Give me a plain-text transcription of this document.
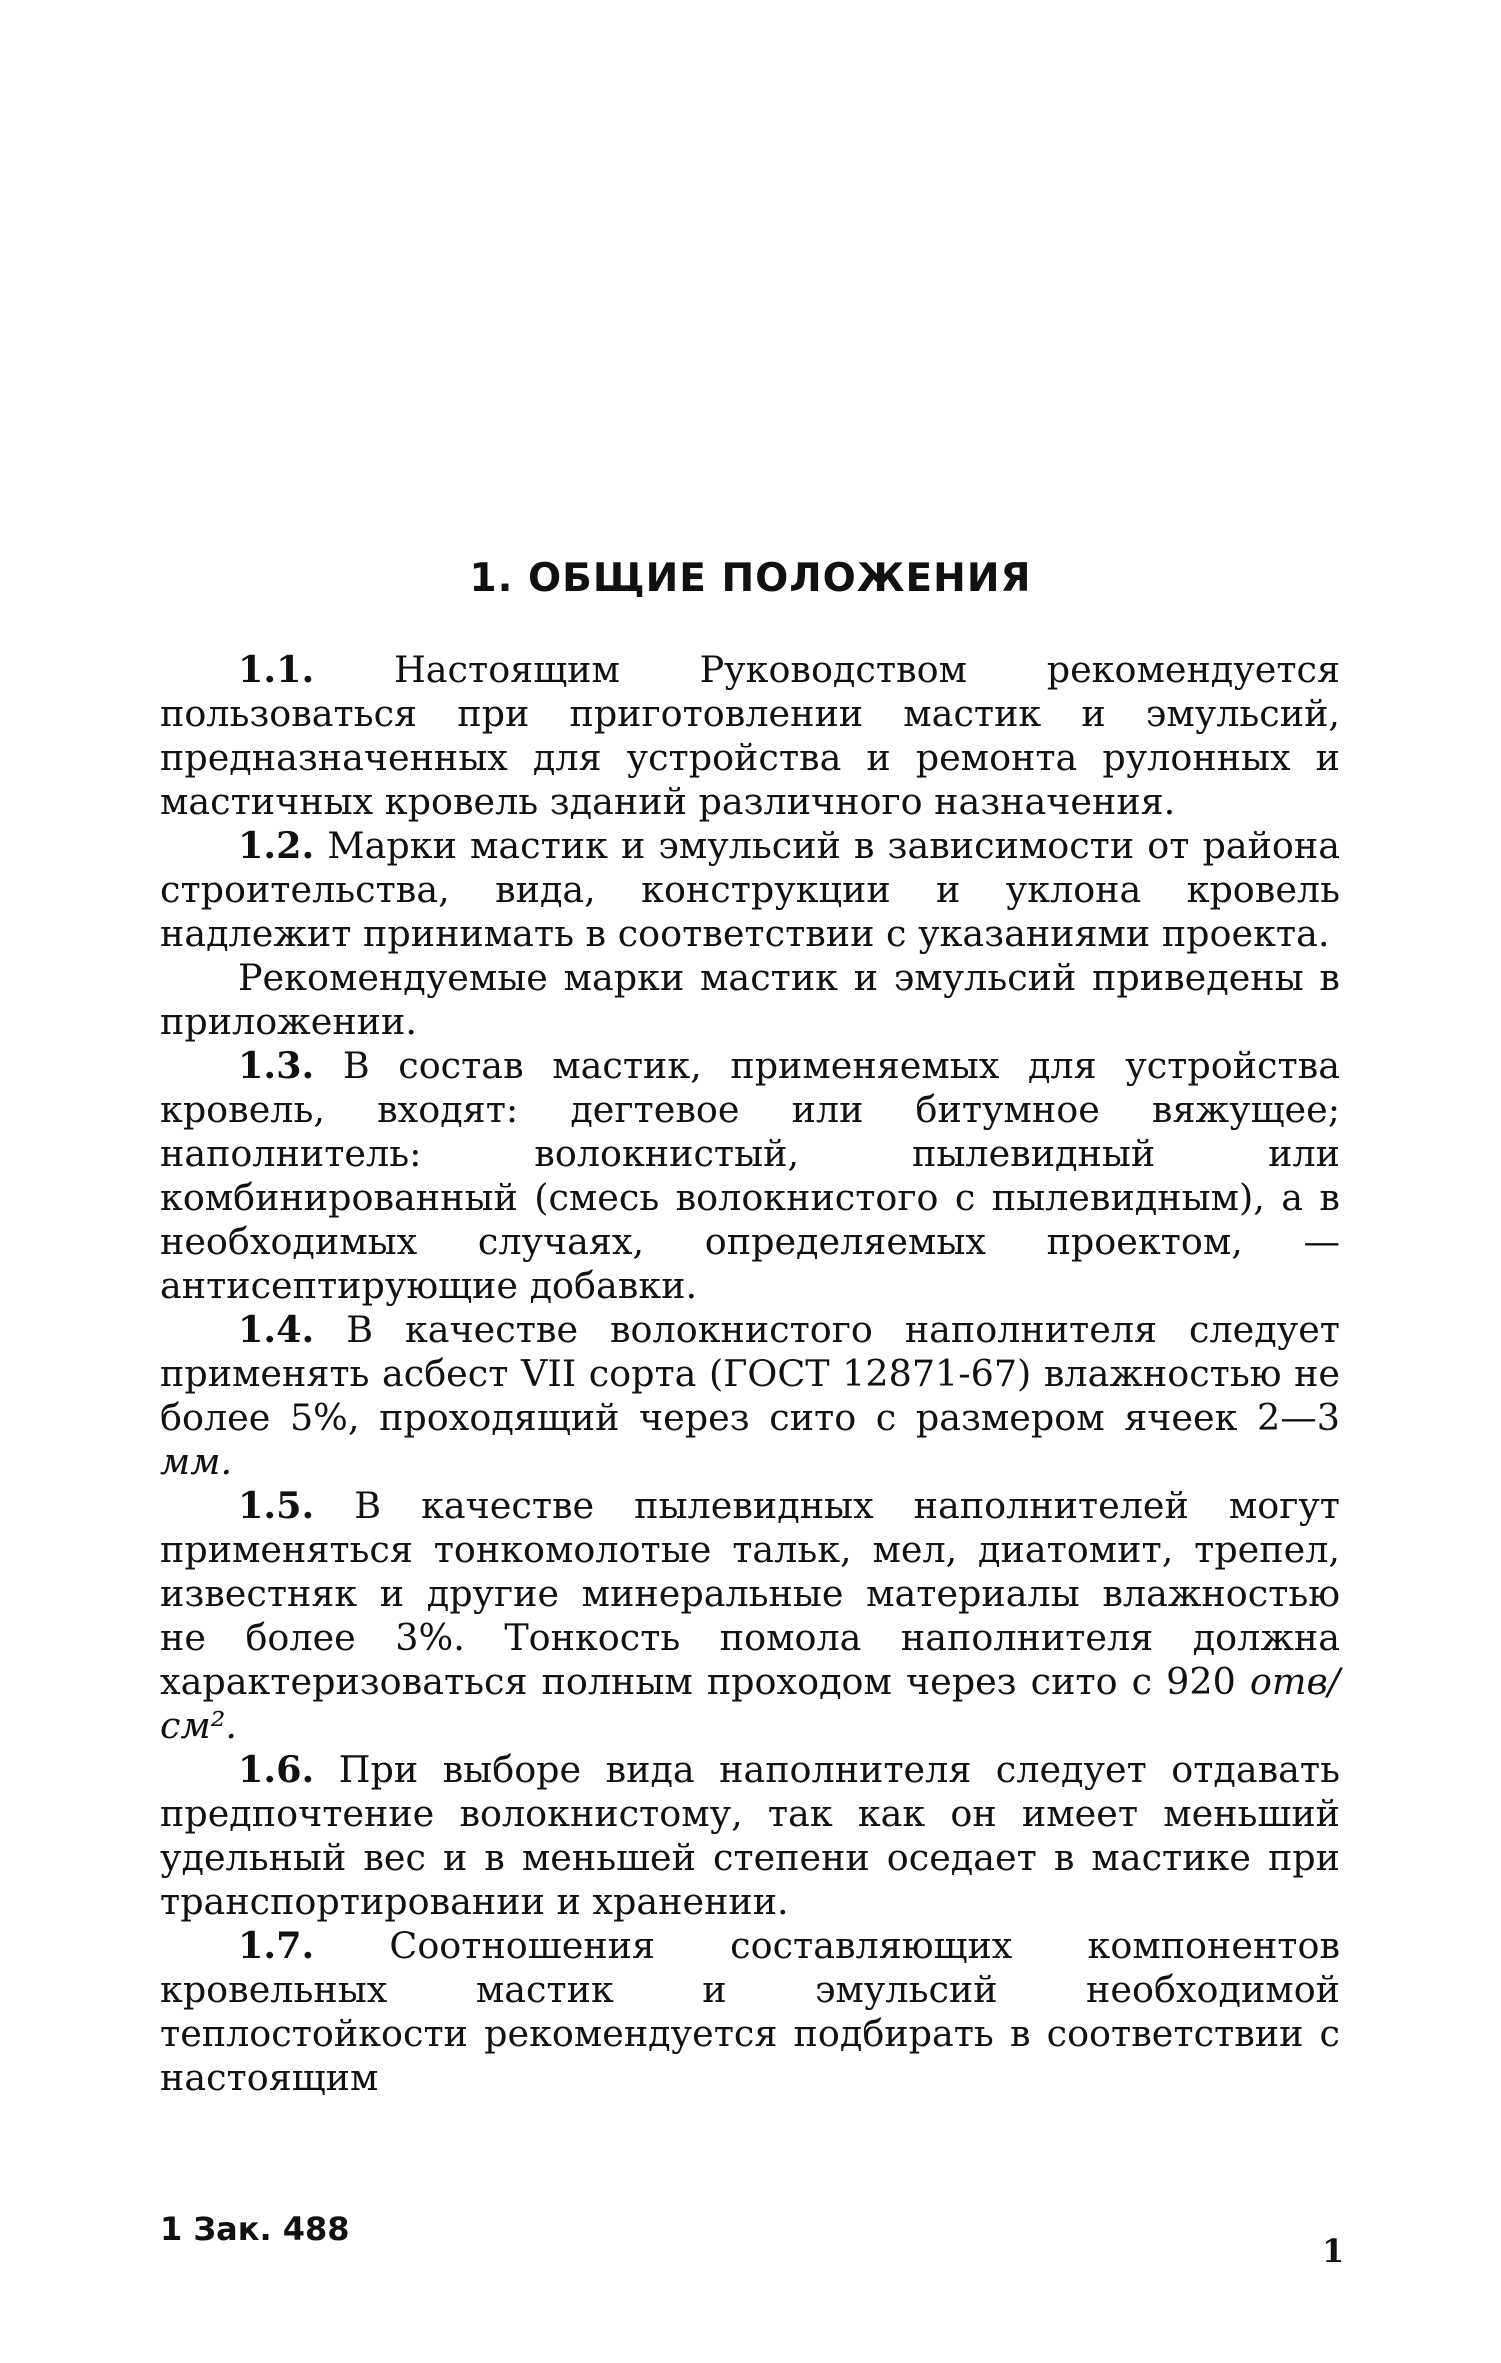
1. ОБЩИЕ ПОЛОЖЕНИЯ

1.1. Настоящим Руководством рекомендуется пользоваться при приготовлении мастик и эмульсий, предназначенных для устройства и ремонта рулонных и мастичных кровель зданий различного назначения.

1.2. Марки мастик и эмульсий в зависимости от района строительства, вида, конструкции и уклона кровель надлежит принимать в соответствии с указаниями проекта.

Рекомендуемые марки мастик и эмульсий приведены в приложении.

1.3. В состав мастик, применяемых для устройства кровель, входят: дегтевое или битумное вяжущее; наполнитель: волокнистый, пылевидный или комбинированный (смесь волокнистого с пылевидным), а в необходимых случаях, определяемых проектом, — антисептирующие добавки.

1.4. В качестве волокнистого наполнителя следует применять асбест VII сорта (ГОСТ 12871-67) влажностью не более 5%, проходящий через сито с размером ячеек 2—3 мм.

1.5. В качестве пылевидных наполнителей могут применяться тонкомолотые тальк, мел, диатомит, трепел, известняк и другие минеральные материалы влажностью не более 3%. Тонкость помола наполнителя должна характеризоваться полным проходом через сито с 920 отв/см².

1.6. При выборе вида наполнителя следует отдавать предпочтение волокнистому, так как он имеет меньший удельный вес и в меньшей степени оседает в мастике при транспортировании и хранении.

1.7. Соотношения составляющих компонентов кровельных мастик и эмульсий необходимой теплостойкости рекомендуется подбирать в соответствии с настоящим

1 Зак. 488
1
